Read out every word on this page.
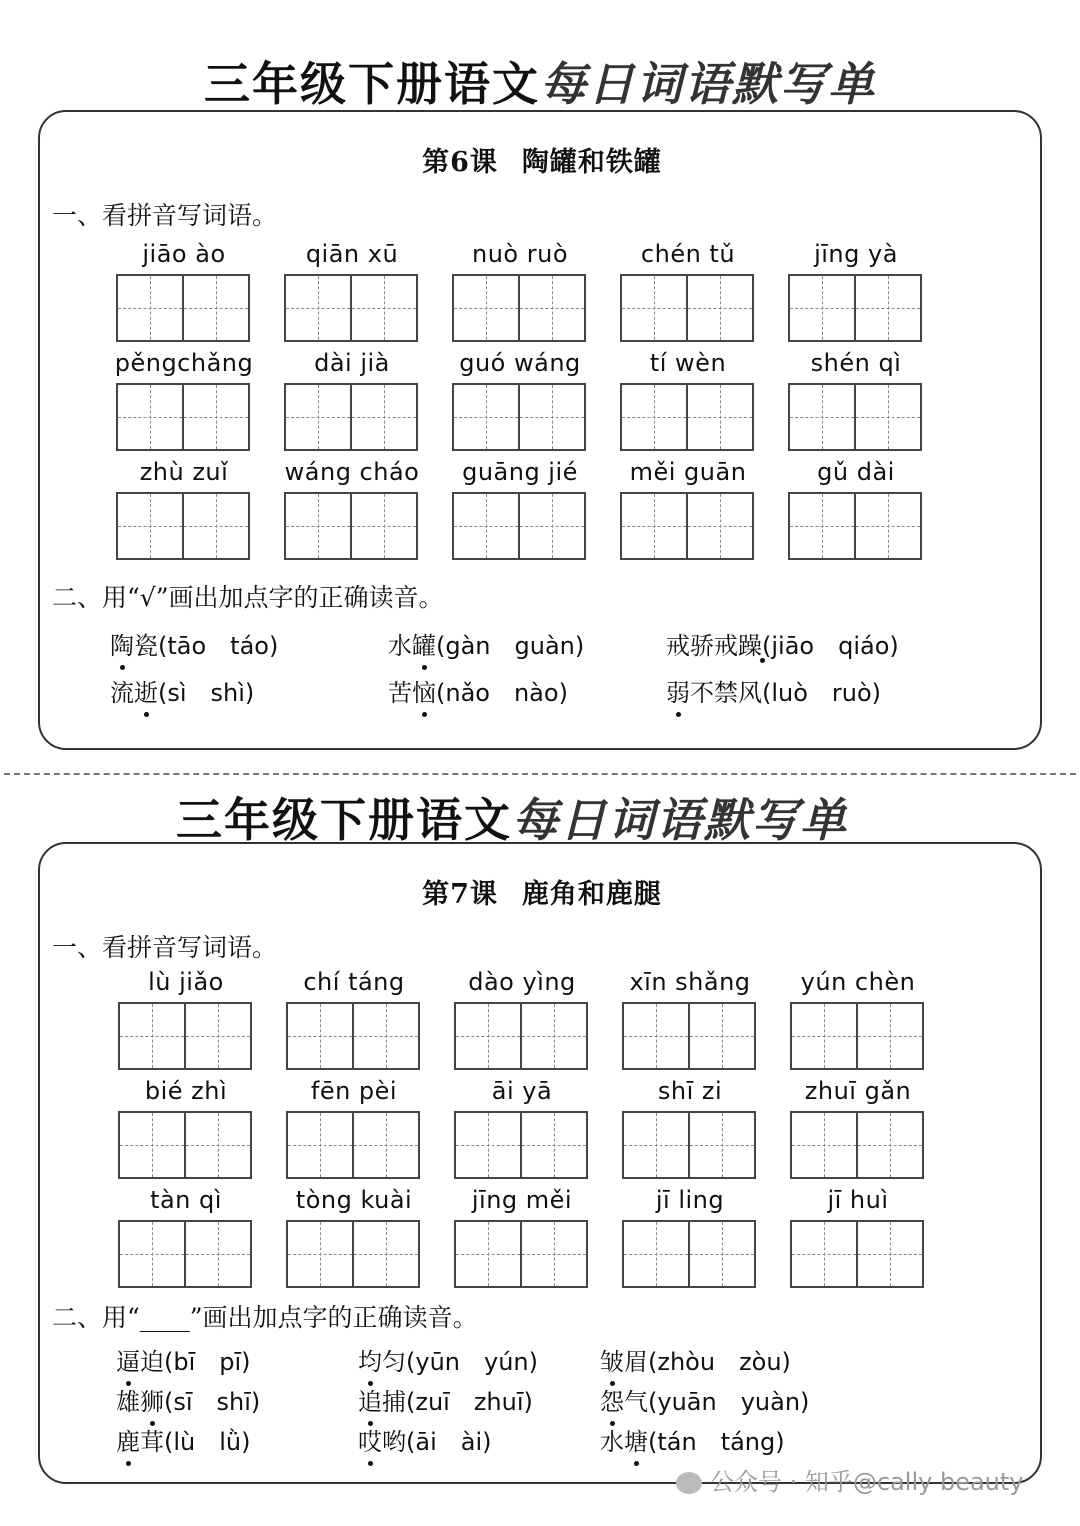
三年级下册语文每日词语默写单
第6课 陶罐和铁罐
一、看拼音写词语。
jiāo ào	qiān xū	nuò ruò	chén tǔ	jīng yà
pěngchǎng	dài jià	guó wáng	tí wèn	shén qì
zhù zuǐ	wáng cháo	guāng jié	měi guān	gǔ dài
二、用“√”画出加点字的正确读音。
陶瓷(tāo　táo)	水罐(gàn　guàn)	戒骄戒躁(jiāo　qiáo)
流逝(sì　shì)	苦恼(nǎo　nào)	弱不禁风(luò　ruò)
三年级下册语文每日词语默写单
第7课 鹿角和鹿腿
一、看拼音写词语。
lù jiǎo	chí táng	dào yìng	xīn shǎng	yún chèn
bié zhì	fēn pèi	āi yā	shī zi	zhuī gǎn
tàn qì	tòng kuài	jīng měi	jī ling	jī huì
二、用“____”画出加点字的正确读音。
逼迫(bī　pī)	均匀(yūn　yún)	皱眉(zhòu　zòu)
雄狮(sī　shī)	追捕(zuī　zhuī)	怨气(yuān　yuàn)
鹿茸(lù　lǜ)	哎哟(āi　ài)	水塘(tán　táng)
公众号 · 知乎@cally beauty
